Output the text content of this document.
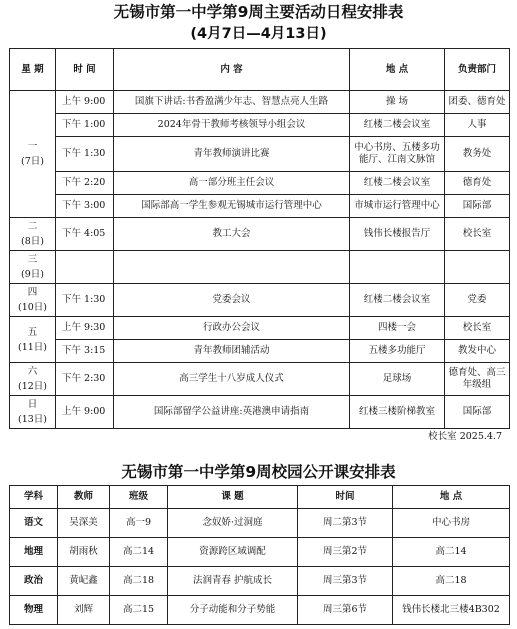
无锡市第一中学第9周主要活动日程安排表
(4月7日—4月13日)
星 期	时 间	内 容	地 点	负责部门
一
(7日)	上午 9:00	国旗下讲话:书香盈满少年志、智慧点亮人生路	操 场	团委、德育处
	下午 1:00	2024年骨干教师考核领导小组会议	红楼二楼会议室	人事
	下午 1:30	青年教师演讲比赛	中心书房、五楼多功能厅、江南文脉馆	教务处
	下午 2:20	高一部分班主任会议	红楼二楼会议室	德育处
	下午 3:00	国际部高一学生参观无锡城市运行管理中心	市城市运行管理中心	国际部
二
(8日)	下午 4:05	教工大会	钱伟长楼报告厅	校长室
三
(9日)				
四
(10日)	下午 1:30	党委会议	红楼二楼会议室	党委
五
(11日)	上午 9:30	行政办公会议	四楼一会	校长室
	下午 3:15	青年教师团辅活动	五楼多功能厅	教发中心
六
(12日)	下午 2:30	高三学生十八岁成人仪式	足球场	德育处、高三年级组
日
(13日)	上午 9:00	国际部留学公益讲座:英港澳申请指南	红楼三楼阶梯教室	国际部
校长室 2025.4.7
无锡市第一中学第9周校园公开课安排表
学科	教师	班级	课 题	时间	地 点
语文	吴深美	高一9	念奴娇·过洞庭	周二第3节	中心书房
地理	胡雨秋	高二14	资源跨区域调配	周三第2节	高二14
政治	黄屺鑫	高二18	法润青春 护航成长	周三第3节	高二18
物理	刘辉	高二15	分子动能和分子势能	周三第6节	钱伟长楼北三楼4B302
